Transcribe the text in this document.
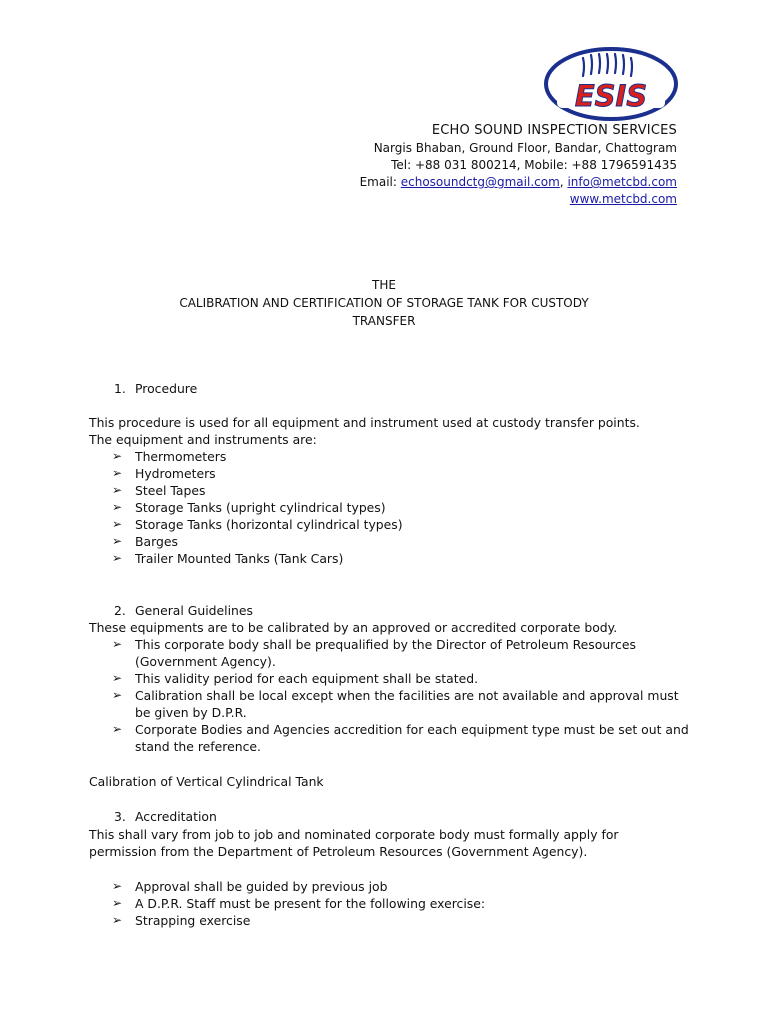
ESIS
ECHO SOUND INSPECTION SERVICES
Nargis Bhaban, Ground Floor, Bandar, Chattogram
Tel: +88 031 800214, Mobile: +88 1796591435
Email: echosoundctg@gmail.com, info@metcbd.com
www.metcbd.com
THE
CALIBRATION AND CERTIFICATION OF STORAGE TANK FOR CUSTODY
TRANSFER
1. Procedure
This procedure is used for all equipment and instrument used at custody transfer points.
The equipment and instruments are:
➢ Thermometers
➢ Hydrometers
➢ Steel Tapes
➢ Storage Tanks (upright cylindrical types)
➢ Storage Tanks (horizontal cylindrical types)
➢ Barges
➢ Trailer Mounted Tanks (Tank Cars)
2. General Guidelines
These equipments are to be calibrated by an approved or accredited corporate body.
➢ This corporate body shall be prequalified by the Director of Petroleum Resources
(Government Agency).
➢ This validity period for each equipment shall be stated.
➢ Calibration shall be local except when the facilities are not available and approval must
be given by D.P.R.
➢ Corporate Bodies and Agencies accredition for each equipment type must be set out and
stand the reference.
Calibration of Vertical Cylindrical Tank
3. Accreditation
This shall vary from job to job and nominated corporate body must formally apply for
permission from the Department of Petroleum Resources (Government Agency).
➢ Approval shall be guided by previous job
➢ A D.P.R. Staff must be present for the following exercise:
➢ Strapping exercise
